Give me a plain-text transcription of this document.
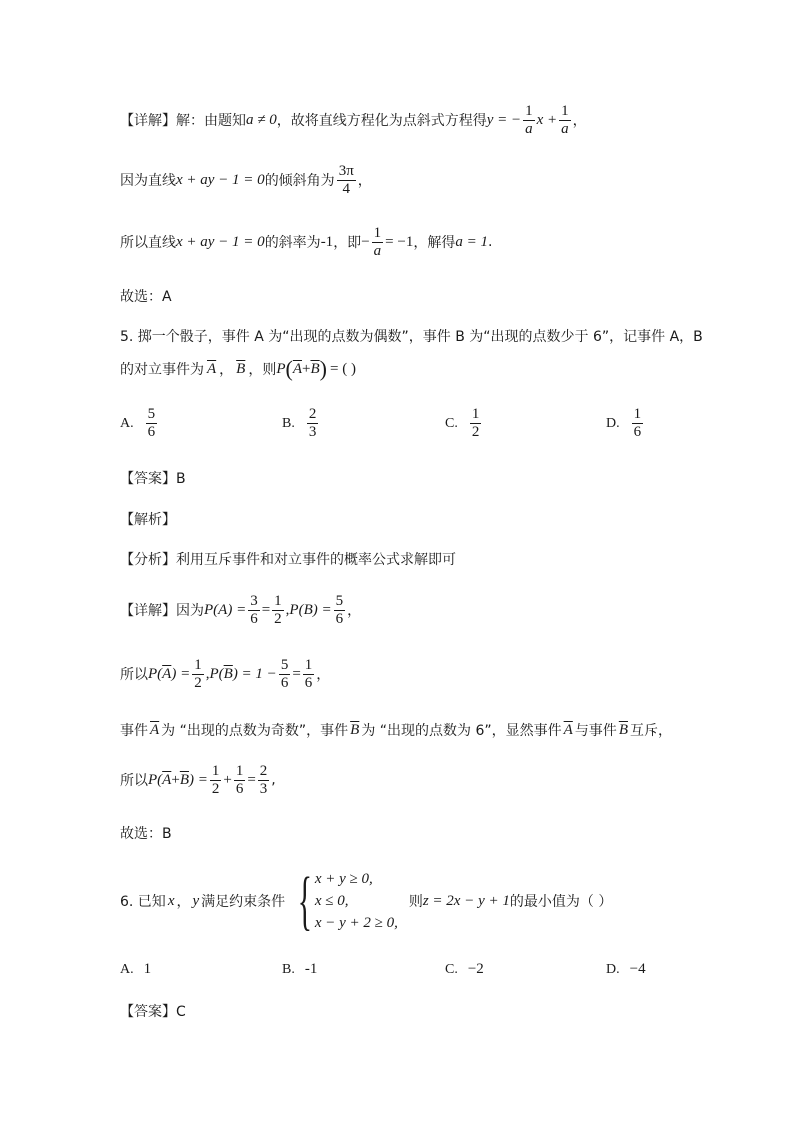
【详解】解：由题知 a ≠ 0 ，故将直线方程化为点斜式方程得 y = − $\frac{1}{a}$ $x + \frac{1}{a}$ ，
因为直线 x + ay − 1 = 0 的倾斜角为 $\frac{3\pi}{4}$ ，
所以直线 x + ay − 1 = 0 的斜率为 -1 ，即 − $\frac{1}{a} = -1$ ，解得 a = 1 .
故选：A
5. 掷一个骰子，事件 A 为“出现的点数为偶数”，事件 B 为“出现的点数少于 6”，记事件 A，B
的对立事件为 $\overline{A}$ ， $\overline{B}$ ，则 P ( $\overline{A} + \overline{B}$ ) = ( )
A. $\frac{5}{6}$	B. $\frac{2}{3}$	C. $\frac{1}{2}$	D. $\frac{1}{6}$
【答案】B
【解析】
【分析】利用互斥事件和对立事件的概率公式求解即可
【详解】因为 $P(A) = \frac{3}{6} = \frac{1}{2}$ , $P(B) = \frac{5}{6}$ ，
所以 P( $\overline{A}$ ) = $\frac{1}{2}$ , P( $\overline{B}$ ) = $1 - \frac{5}{6} = \frac{1}{6}$ ，
事件 $\overline{A}$ 为 “出现的点数为奇数”，事件 $\overline{B}$ 为 “出现的点数为 6”，显然事件 $\overline{A}$ 与事件 $\overline{B}$ 互斥，
所以 P( $\overline{A} + \overline{B}$ ) = $\frac{1}{2} + \frac{1}{6} = \frac{2}{3}$ ,
故选：B
6. 已知 x ， y 满足约束条件 { x + y ≥ 0,
x ≤ 0,
x − y + 2 ≥ 0,
则 z = 2x − y + 1 的最小值为（ ）
A. 1	B. -1	C. −2	D. −4
【答案】C
